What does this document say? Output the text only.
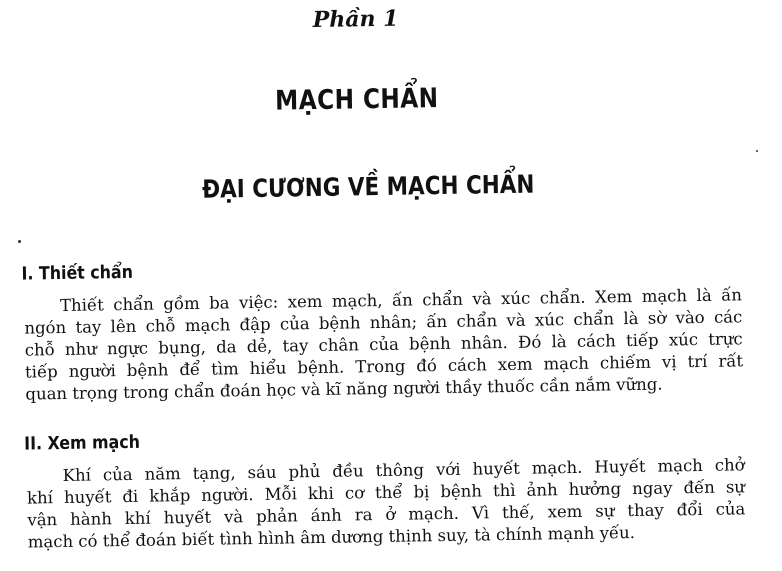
Phần 1
MẠCH CHẨN
ĐẠI CƯƠNG VỀ MẠCH CHẨN
I. Thiết chẩn
Thiết chẩn gồm ba việc: xem mạch, ấn chẩn và xúc chẩn. Xem mạch là ấn
ngón tay lên chỗ mạch đập của bệnh nhân; ấn chẩn và xúc chẩn là sờ vào các
chỗ như ngực bụng, da dẻ, tay chân của bệnh nhân. Đó là cách tiếp xúc trực
tiếp người bệnh để tìm hiểu bệnh. Trong đó cách xem mạch chiếm vị trí rất
quan trọng trong chẩn đoán học và kĩ năng người thầy thuốc cần nắm vững.
II. Xem mạch
Khí của năm tạng, sáu phủ đều thông với huyết mạch. Huyết mạch chở
khí huyết đi khắp người. Mỗi khi cơ thể bị bệnh thì ảnh hưởng ngay đến sự
vận hành khí huyết và phản ánh ra ở mạch. Vì thế, xem sự thay đổi của
mạch có thể đoán biết tình hình âm dương thịnh suy, tà chính mạnh yếu.
